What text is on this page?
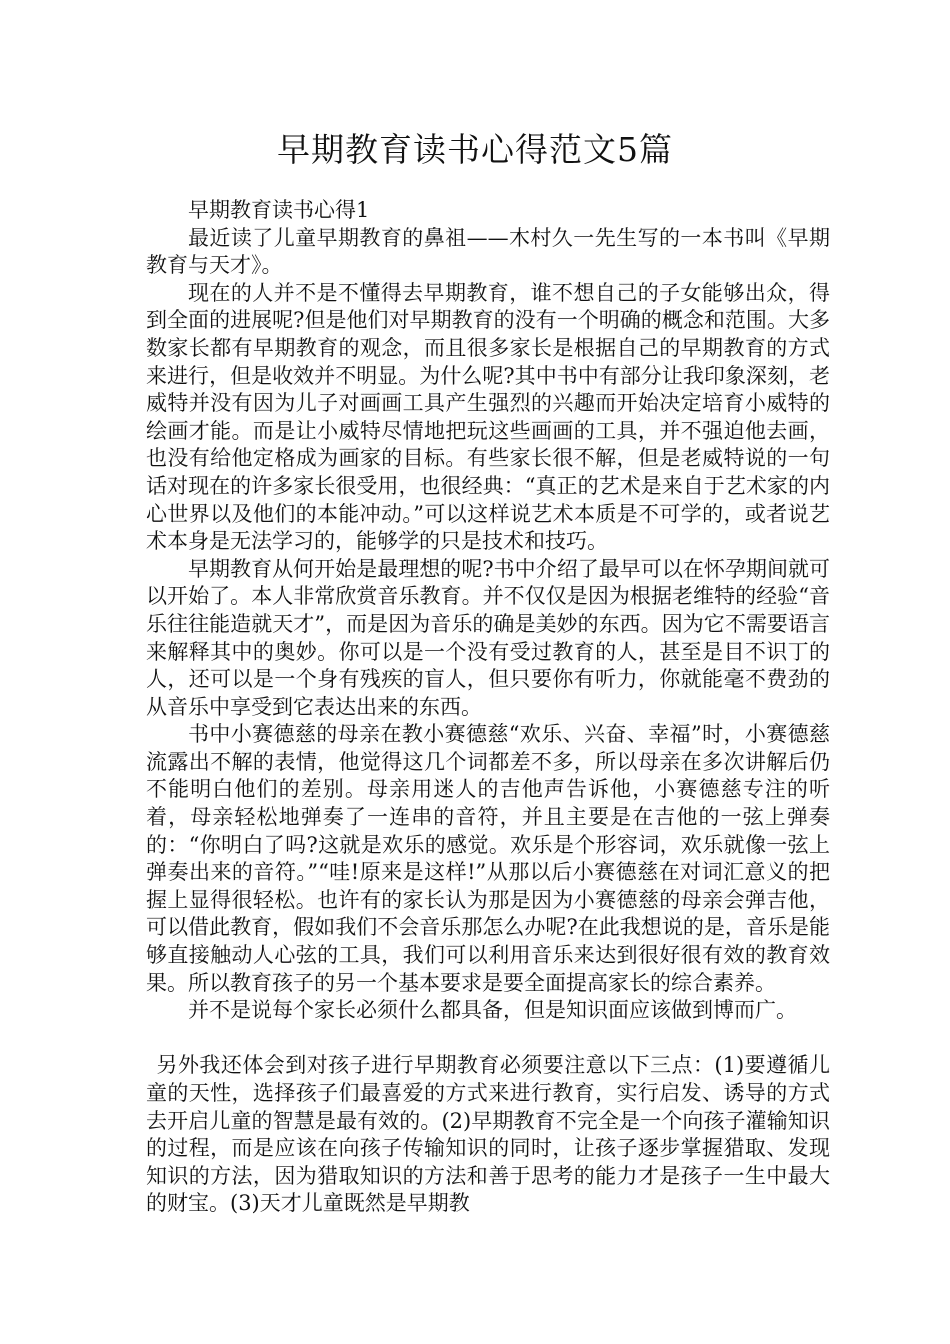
早期教育读书心得范文5篇

早期教育读书心得1

最近读了儿童早期教育的鼻祖——木村久一先生写的一本书叫《早期教育与天才》。

现在的人并不是不懂得去早期教育，谁不想自己的子女能够出众，得到全面的进展呢?但是他们对早期教育的没有一个明确的概念和范围。大多数家长都有早期教育的观念，而且很多家长是根据自己的早期教育的方式来进行，但是收效并不明显。为什么呢?其中书中有部分让我印象深刻，老威特并没有因为儿子对画画工具产生强烈的兴趣而开始决定培育小威特的绘画才能。而是让小威特尽情地把玩这些画画的工具，并不强迫他去画，也没有给他定格成为画家的目标。有些家长很不解，但是老威特说的一句话对现在的许多家长很受用，也很经典：“真正的艺术是来自于艺术家的内心世界以及他们的本能冲动。”可以这样说艺术本质是不可学的，或者说艺术本身是无法学习的，能够学的只是技术和技巧。

早期教育从何开始是最理想的呢?书中介绍了最早可以在怀孕期间就可以开始了。本人非常欣赏音乐教育。并不仅仅是因为根据老维特的经验“音乐往往能造就天才”，而是因为音乐的确是美妙的东西。因为它不需要语言来解释其中的奥妙。你可以是一个没有受过教育的人，甚至是目不识丁的人，还可以是一个身有残疾的盲人，但只要你有听力，你就能毫不费劲的从音乐中享受到它表达出来的东西。

书中小赛德慈的母亲在教小赛德慈“欢乐、兴奋、幸福”时，小赛德慈流露出不解的表情，他觉得这几个词都差不多，所以母亲在多次讲解后仍不能明白他们的差别。母亲用迷人的吉他声告诉他，小赛德慈专注的听着，母亲轻松地弹奏了一连串的音符，并且主要是在吉他的一弦上弹奏的：“你明白了吗?这就是欢乐的感觉。欢乐是个形容词，欢乐就像一弦上弹奏出来的音符。”“哇!原来是这样!”从那以后小赛德慈在对词汇意义的把握上显得很轻松。也许有的家长认为那是因为小赛德慈的母亲会弹吉他，可以借此教育，假如我们不会音乐那怎么办呢?在此我想说的是，音乐是能够直接触动人心弦的工具，我们可以利用音乐来达到很好很有效的教育效果。所以教育孩子的另一个基本要求是要全面提高家长的综合素养。

并不是说每个家长必须什么都具备，但是知识面应该做到博而广。

另外我还体会到对孩子进行早期教育必须要注意以下三点：(1)要遵循儿童的天性，选择孩子们最喜爱的方式来进行教育，实行启发、诱导的方式去开启儿童的智慧是最有效的。(2)早期教育不完全是一个向孩子灌输知识的过程，而是应该在向孩子传输知识的同时，让孩子逐步掌握猎取、发现知识的方法，因为猎取知识的方法和善于思考的能力才是孩子一生中最大的财宝。(3)天才儿童既然是早期教
